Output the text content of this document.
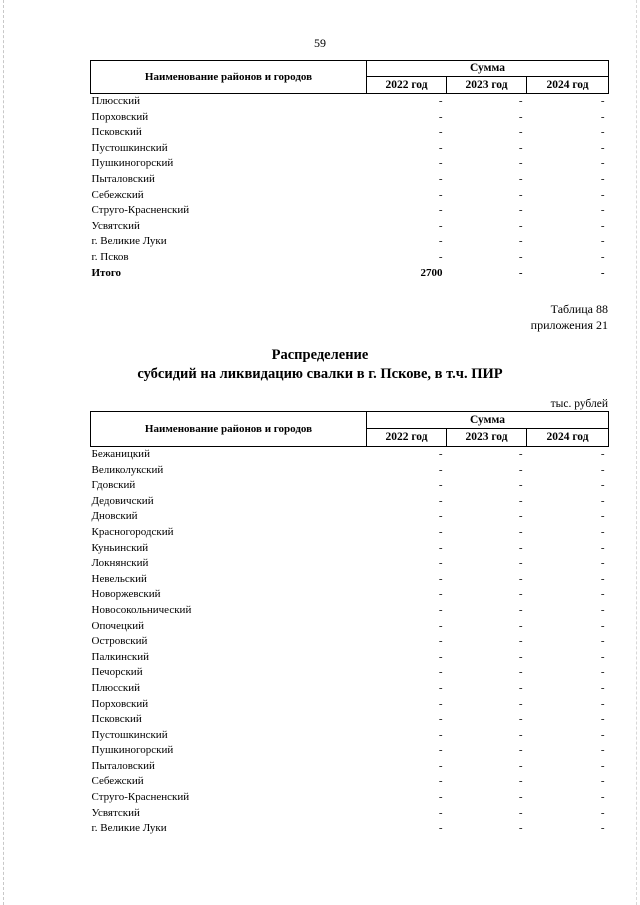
59
Наименование районов и городов	Сумма		
	2022 год	2023 год	2024 год
Плюсский	-	-	-
Порховский	-	-	-
Псковский	-	-	-
Пустошкинский	-	-	-
Пушкиногорский	-	-	-
Пыталовский	-	-	-
Себежский	-	-	-
Струго-Красненский	-	-	-
Усвятский	-	-	-
г. Великие Луки	-	-	-
г. Псков	-	-	-
Итого	2700	-	-
Таблица 88
приложения 21
Распределение
субсидий на ликвидацию свалки в г. Пскове, в т.ч. ПИР
тыс. рублей
Наименование районов и городов	Сумма		
	2022 год	2023 год	2024 год
Бежаницкий	-	-	-
Великолукский	-	-	-
Гдовский	-	-	-
Дедовичский	-	-	-
Дновский	-	-	-
Красногородский	-	-	-
Куньинский	-	-	-
Локнянский	-	-	-
Невельский	-	-	-
Новоржевский	-	-	-
Новосокольнический	-	-	-
Опочецкий	-	-	-
Островский	-	-	-
Палкинский	-	-	-
Печорский	-	-	-
Плюсский	-	-	-
Порховский	-	-	-
Псковский	-	-	-
Пустошкинский	-	-	-
Пушкиногорский	-	-	-
Пыталовский	-	-	-
Себежский	-	-	-
Струго-Красненский	-	-	-
Усвятский	-	-	-
г. Великие Луки	-	-	-
